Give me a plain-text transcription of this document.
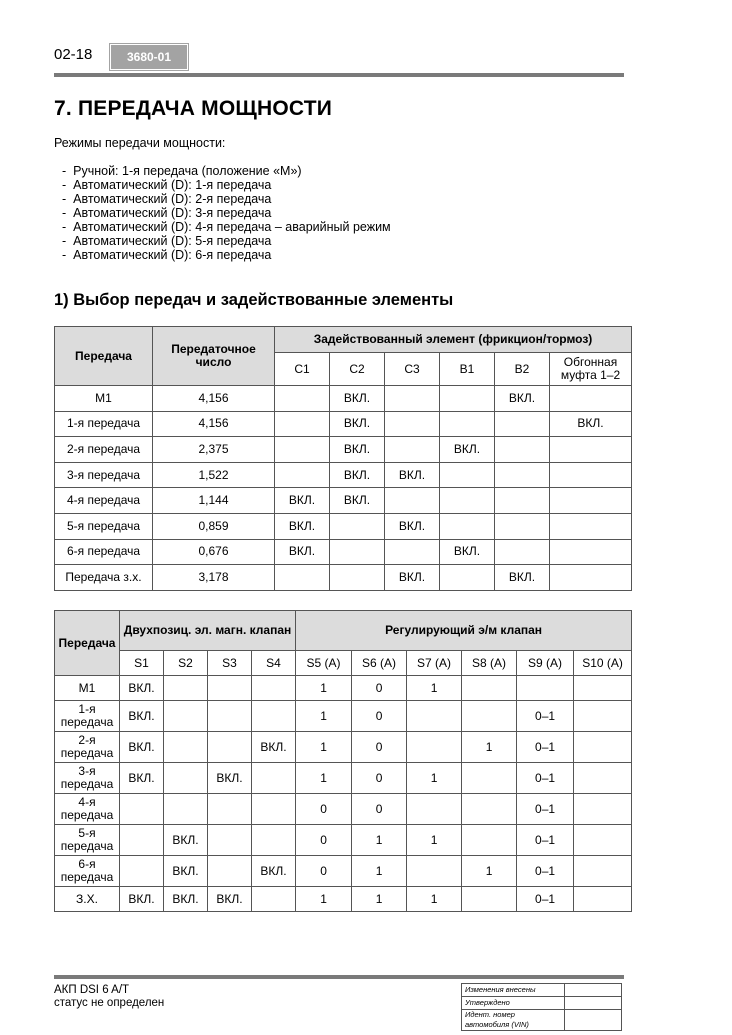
02-18	3680-01
7. ПЕРЕДАЧА МОЩНОСТИ
Режимы передачи мощности:
- Ручной: 1-я передача (положение «М»)
- Автоматический (D): 1-я передача
- Автоматический (D): 2-я передача
- Автоматический (D): 3-я передача
- Автоматический (D): 4-я передача – аварийный режим
- Автоматический (D): 5-я передача
- Автоматический (D): 6-я передача
1) Выбор передач и задействованные элементы
Передача	Передаточное число	Задействованный элемент (фрикцион/тормоз)					
		C1	C2	C3	B1	B2	Обгонная муфта 1–2
M1	4,156		ВКЛ.			ВКЛ.	
1-я передача	4,156		ВКЛ.				ВКЛ.
2-я передача	2,375		ВКЛ.		ВКЛ.		
3-я передача	1,522		ВКЛ.	ВКЛ.			
4-я передача	1,144	ВКЛ.	ВКЛ.				
5-я передача	0,859	ВКЛ.		ВКЛ.			
6-я передача	0,676	ВКЛ.			ВКЛ.		
Передача з.х.	3,178			ВКЛ.		ВКЛ.	
Передача	Двухпозиц. эл. магн. клапан				Регулирующий э/м клапан					
	S1	S2	S3	S4	S5 (A)	S6 (A)	S7 (A)	S8 (A)	S9 (A)	S10 (A)
M1	ВКЛ.				1	0	1			
1-я передача	ВКЛ.				1	0			0–1	
2-я передача	ВКЛ.			ВКЛ.	1	0		1	0–1	
3-я передача	ВКЛ.		ВКЛ.		1	0	1		0–1	
4-я передача					0	0			0–1	
5-я передача		ВКЛ.			0	1	1		0–1	
6-я передача		ВКЛ.		ВКЛ.	0	1		1	0–1	
З.Х.	ВКЛ.	ВКЛ.	ВКЛ.		1	1	1		0–1	
АКП DSI 6 A/T
статус не определен
Изменения внесены	
Утверждено	
Идент. номер автомобиля (VIN)	
